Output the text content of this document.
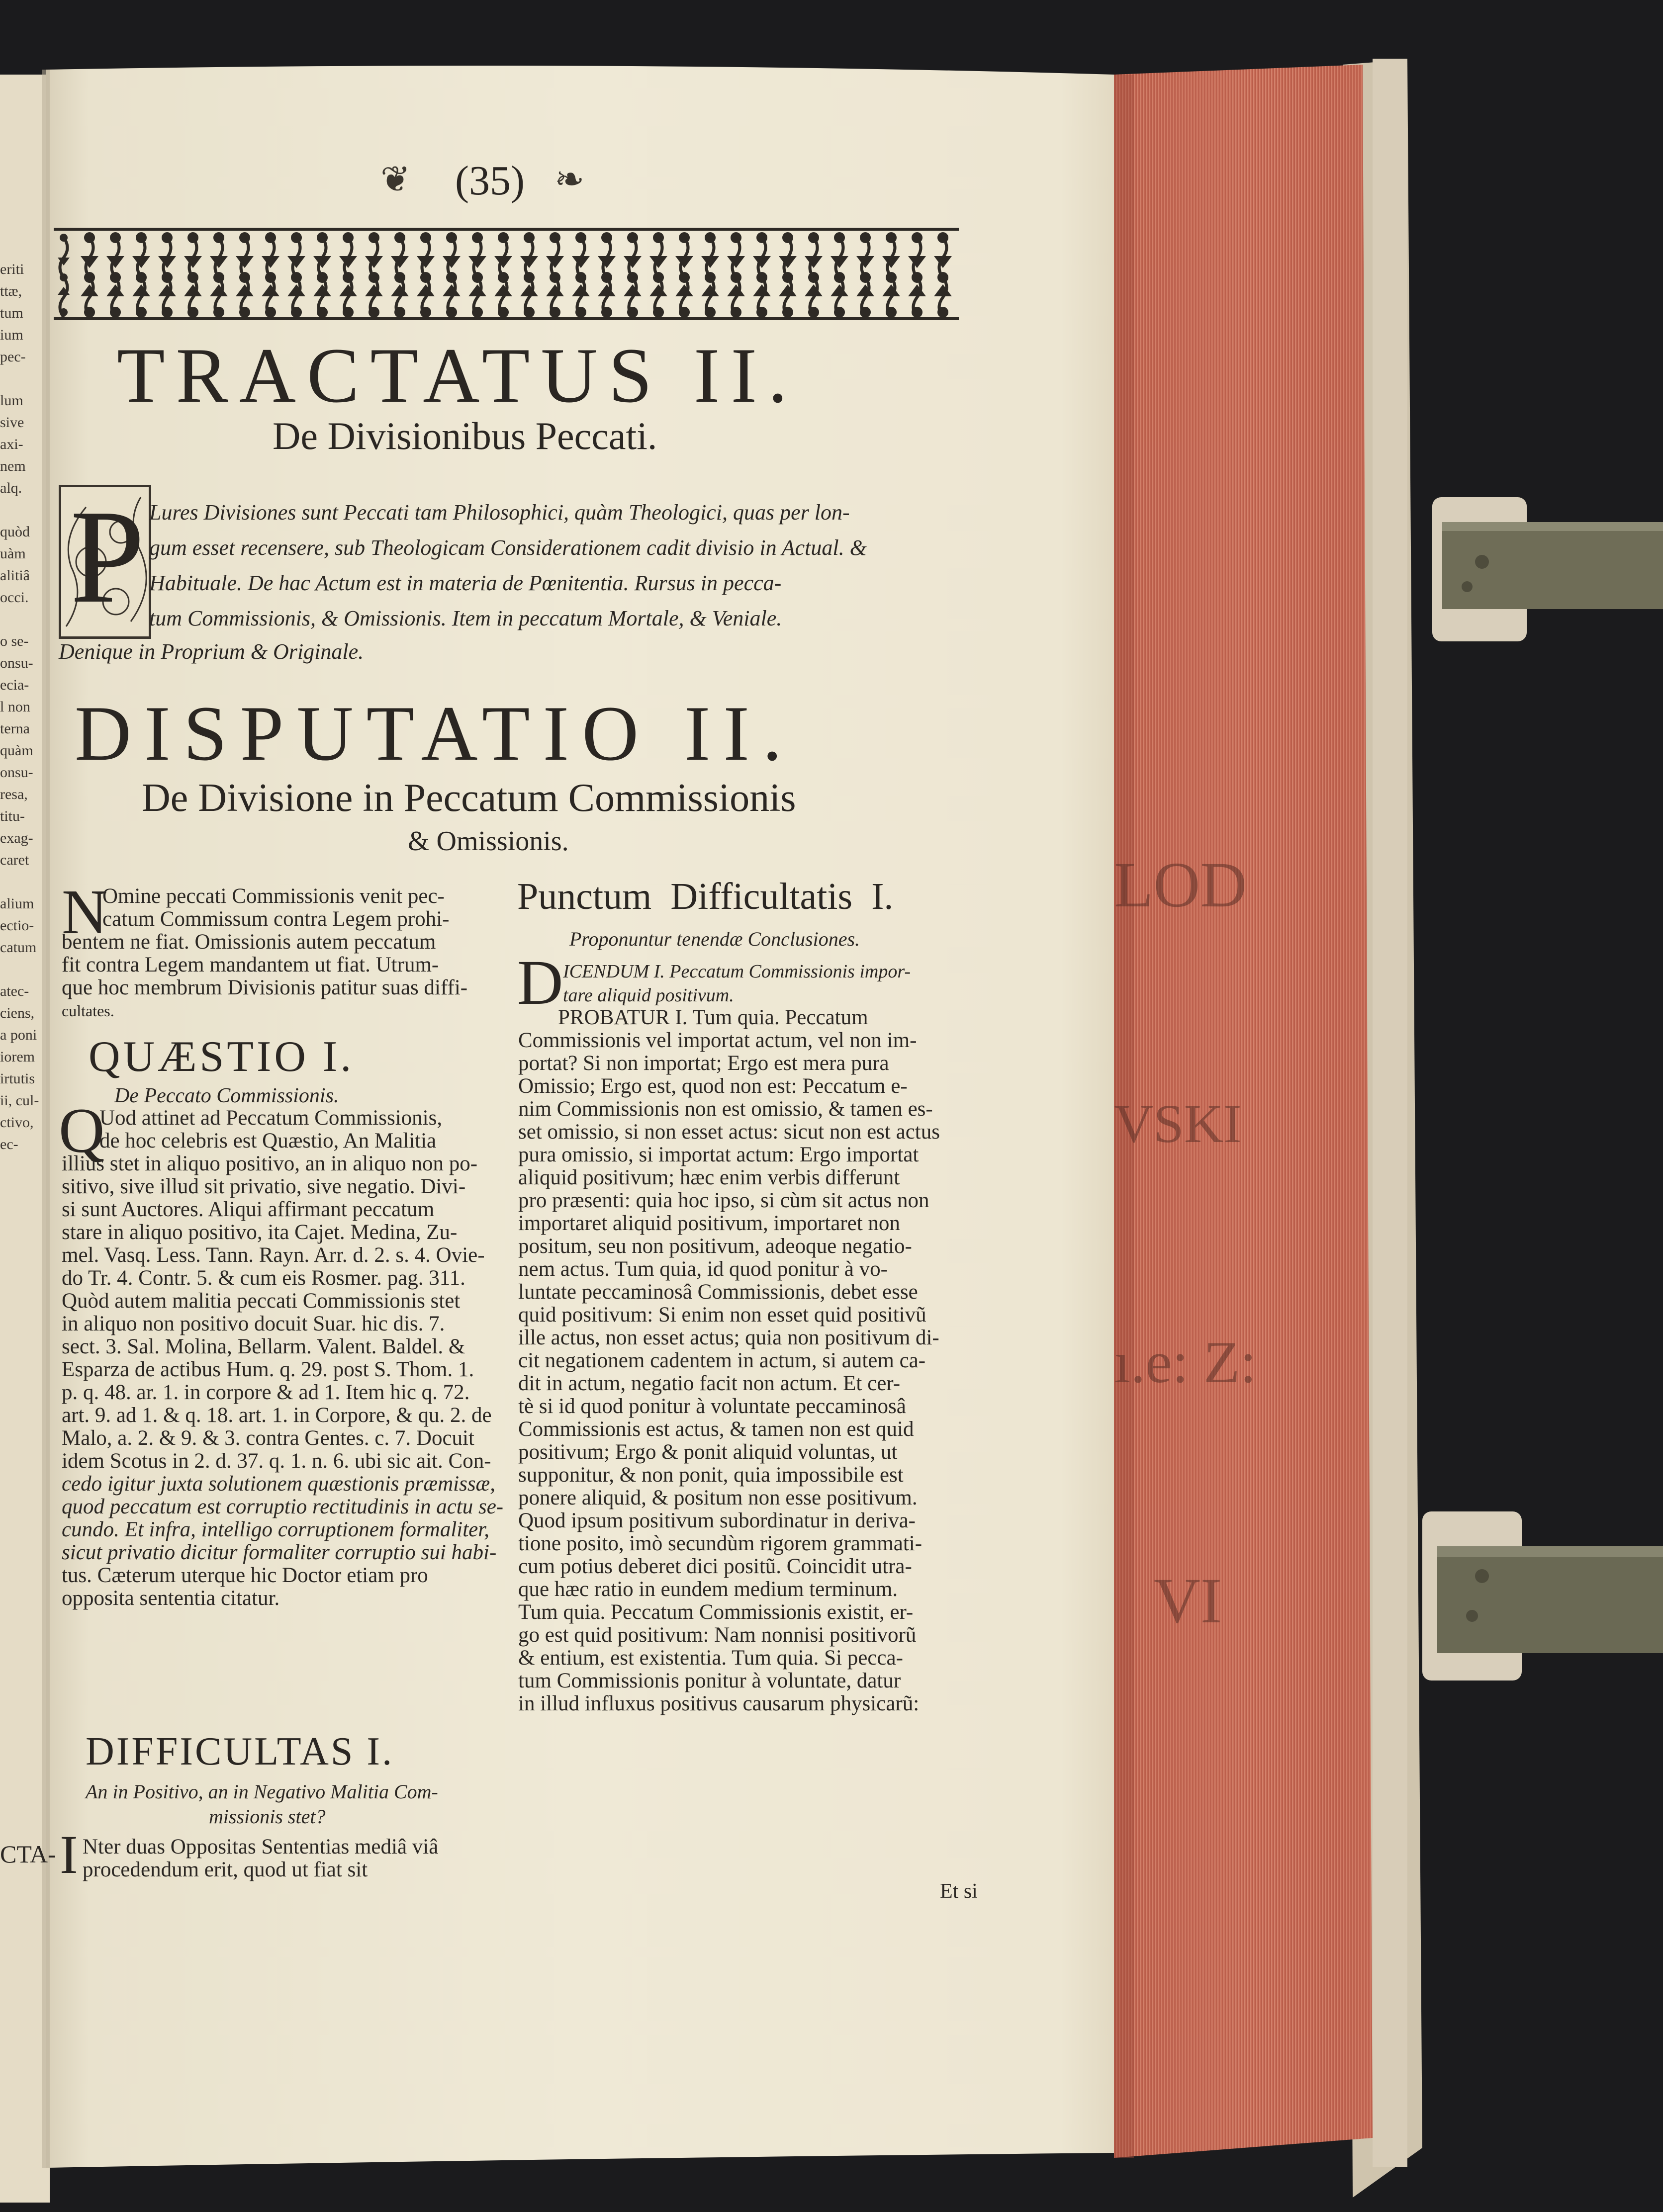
❦ (35) ❧
TRACTATUS II.
De Divisionibus Peccati.
P Lures Divisiones sunt Peccati tam Philosophici, quàm Theologici, quas per lon-
gum esset recensere, sub Theologicam Considerationem cadit divisio in Actual. &
Habituale. De hac Actum est in materia de Pœnitentia. Rursus in pecca-
tum Commissionis, & Omissionis. Item in peccatum Mortale, & Veniale.
Denique in Proprium & Originale.
DISPUTATIO II.
De Divisione in Peccatum Commissionis
& Omissionis.
N
Omine peccati Commissionis venit pec-
catum Commissum contra Legem prohi-
bentem ne fiat. Omissionis autem peccatum
fit contra Legem mandantem ut fiat. Utrum-
que hoc membrum Divisionis patitur suas diffi-
cultates.
QUÆSTIO I.
De Peccato Commissionis.
Q
Uod attinet ad Peccatum Commissionis,
de hoc celebris est Quæstio, An Malitia
illius stet in aliquo positivo, an in aliquo non po-
sitivo, sive illud sit privatio, sive negatio. Divi-
si sunt Auctores. Aliqui affirmant peccatum
stare in aliquo positivo, ita Cajet. Medina, Zu-
mel. Vasq. Less. Tann. Rayn. Arr. d. 2. s. 4. Ovie-
do Tr. 4. Contr. 5. & cum eis Rosmer. pag. 311.
Quòd autem malitia peccati Commissionis stet
in aliquo non positivo docuit Suar. hic dis. 7.
sect. 3. Sal. Molina, Bellarm. Valent. Baldel. &
Esparza de actibus Hum. q. 29. post S. Thom. 1.
p. q. 48. ar. 1. in corpore & ad 1. Item hic q. 72.
art. 9. ad 1. & q. 18. art. 1. in Corpore, & qu. 2. de
Malo, a. 2. & 9. & 3. contra Gentes. c. 7. Docuit
idem Scotus in 2. d. 37. q. 1. n. 6. ubi sic ait. Con-
cedo igitur juxta solutionem quæstionis præmissæ,
quod peccatum est corruptio rectitudinis in actu se-
cundo. Et infra, intelligo corruptionem formaliter,
sicut privatio dicitur formaliter corruptio sui habi-
tus. Cæterum uterque hic Doctor etiam pro
opposita sententia citatur.
DIFFICULTAS I.
An in Positivo, an in Negativo Malitia Com-
missionis stet?
I Nter duas Oppositas Sententias mediâ viâ
procedendum erit, quod ut fiat sit
Punctum  Difficultatis  I.
Proponuntur tenendæ Conclusiones.
D ICENDUM I. Peccatum Commissionis impor-
tare aliquid positivum.
PROBATUR I. Tum quia. Peccatum
Commissionis vel importat actum, vel non im-
portat? Si non importat; Ergo est mera pura
Omissio; Ergo est, quod non est: Peccatum e-
nim Commissionis non est omissio, & tamen es-
set omissio, si non esset actus: sicut non est actus
pura omissio, si importat actum: Ergo importat
aliquid positivum; hæc enim verbis differunt
pro præsenti: quia hoc ipso, si cùm sit actus non
importaret aliquid positivum, importaret non
positum, seu non positivum, adeoque negatio-
nem actus. Tum quia, id quod ponitur à vo-
luntate peccaminosâ Commissionis, debet esse
quid positivum: Si enim non esset quid positivũ
ille actus, non esset actus; quia non positivum di-
cit negationem cadentem in actum, si autem ca-
dit in actum, negatio facit non actum. Et cer-
tè si id quod ponitur à voluntate peccaminosâ
Commissionis est actus, & tamen non est quid
positivum; Ergo & ponit aliquid voluntas, ut
supponitur, & non ponit, quia impossibile est
ponere aliquid, & positum non esse positivum.
Quod ipsum positivum subordinatur in deriva-
tione posito, imò secundùm rigorem grammati-
cum potius deberet dici positũ. Coincidit utra-
que hæc ratio in eundem medium terminum.
Tum quia. Peccatum Commissionis existit, er-
go est quid positivum: Nam nonnisi positivorũ
& entium, est existentia. Tum quia. Si pecca-
tum Commissionis ponitur à voluntate, datur
in illud influxus positivus causarum physicarũ:
Et si
eriti
ttæ,
tum
ium
pec-

lum
sive
axi-
nem
alq.

quòd
uàm
alitiâ
occi.

o se-
onsu-
ecia-
l non
terna
quàm
onsu-
resa,
titu-
exag-
caret

alium
ectio-
catum

atec-
ciens,
a poni
iorem
irtutis
ii, cul-
ctivo,
ec-
CTA-

LOD

VSKI

ı.e: Z:

VI
